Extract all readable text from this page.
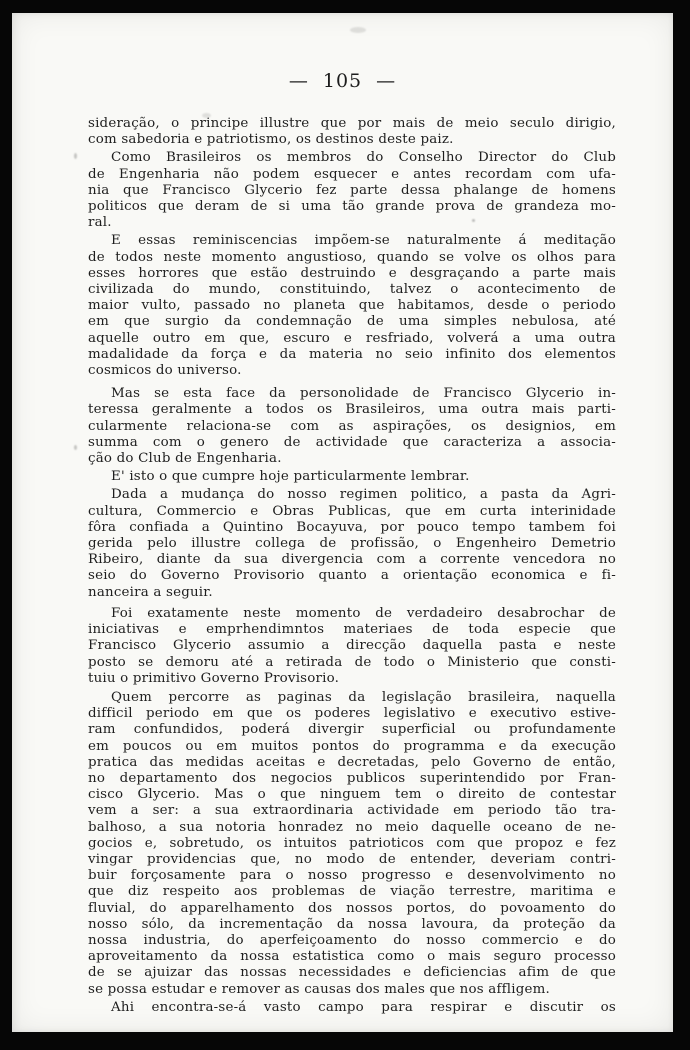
— 105 —
sideração, o principe illustre que por mais de meio seculo dirigio,
com sabedoria e patriotismo, os destinos deste paiz.
Como Brasileiros os membros do Conselho Director do Club
de Engenharia não podem esquecer e antes recordam com ufa-
nia que Francisco Glycerio fez parte dessa phalange de homens
politicos que deram de si uma tão grande prova de grandeza mo-
ral.
E essas reminiscencias impõem-se naturalmente á meditação
de todos neste momento angustioso, quando se volve os olhos para
esses horrores que estão destruindo e desgraçando a parte mais
civilizada do mundo, constituindo, talvez o acontecimento de
maior vulto, passado no planeta que habitamos, desde o periodo
em que surgio da condemnação de uma simples nebulosa, até
aquelle outro em que, escuro e resfriado, volverá a uma outra
madalidade da força e da materia no seio infinito dos elementos
cosmicos do universo.
Mas se esta face da personolidade de Francisco Glycerio in-
teressa geralmente a todos os Brasileiros, uma outra mais parti-
cularmente relaciona-se com as aspirações, os designios, em
summa com o genero de actividade que caracteriza a associa-
ção do Club de Engenharia.
E' isto o que cumpre hoje particularmente lembrar.
Dada a mudança do nosso regimen politico, a pasta da Agri-
cultura, Commercio e Obras Publicas, que em curta interinidade
fôra confiada a Quintino Bocayuva, por pouco tempo tambem foi
gerida pelo illustre collega de profissão, o Engenheiro Demetrio
Ribeiro, diante da sua divergencia com a corrente vencedora no
seio do Governo Provisorio quanto a orientação economica e fi-
nanceira a seguir.
Foi exatamente neste momento de verdadeiro desabrochar de
iniciativas e emprhendimntos materiaes de toda especie que
Francisco Glycerio assumio a direcção daquella pasta e neste
posto se demoru até a retirada de todo o Ministerio que consti-
tuiu o primitivo Governo Provisorio.
Quem percorre as paginas da legislação brasileira, naquella
difficil periodo em que os poderes legislativo e executivo estive-
ram confundidos, poderá divergir superficial ou profundamente
em poucos ou em muitos pontos do programma e da execução
pratica das medidas aceitas e decretadas, pelo Governo de então,
no departamento dos negocios publicos superintendido por Fran-
cisco Glycerio. Mas o que ninguem tem o direito de contestar
vem a ser: a sua extraordinaria actividade em periodo tão tra-
balhoso, a sua notoria honradez no meio daquelle oceano de ne-
gocios e, sobretudo, os intuitos patrioticos com que propoz e fez
vingar providencias que, no modo de entender, deveriam contri-
buir forçosamente para o nosso progresso e desenvolvimento no
que diz respeito aos problemas de viação terrestre, maritima e
fluvial, do apparelhamento dos nossos portos, do povoamento do
nosso sólo, da incrementação da nossa lavoura, da proteção da
nossa industria, do aperfeiçoamento do nosso commercio e do
aproveitamento da nossa estatistica como o mais seguro processo
de se ajuizar das nossas necessidades e deficiencias afim de que
se possa estudar e remover as causas dos males que nos affligem.
Ahi encontra-se-á vasto campo para respirar e discutir os
